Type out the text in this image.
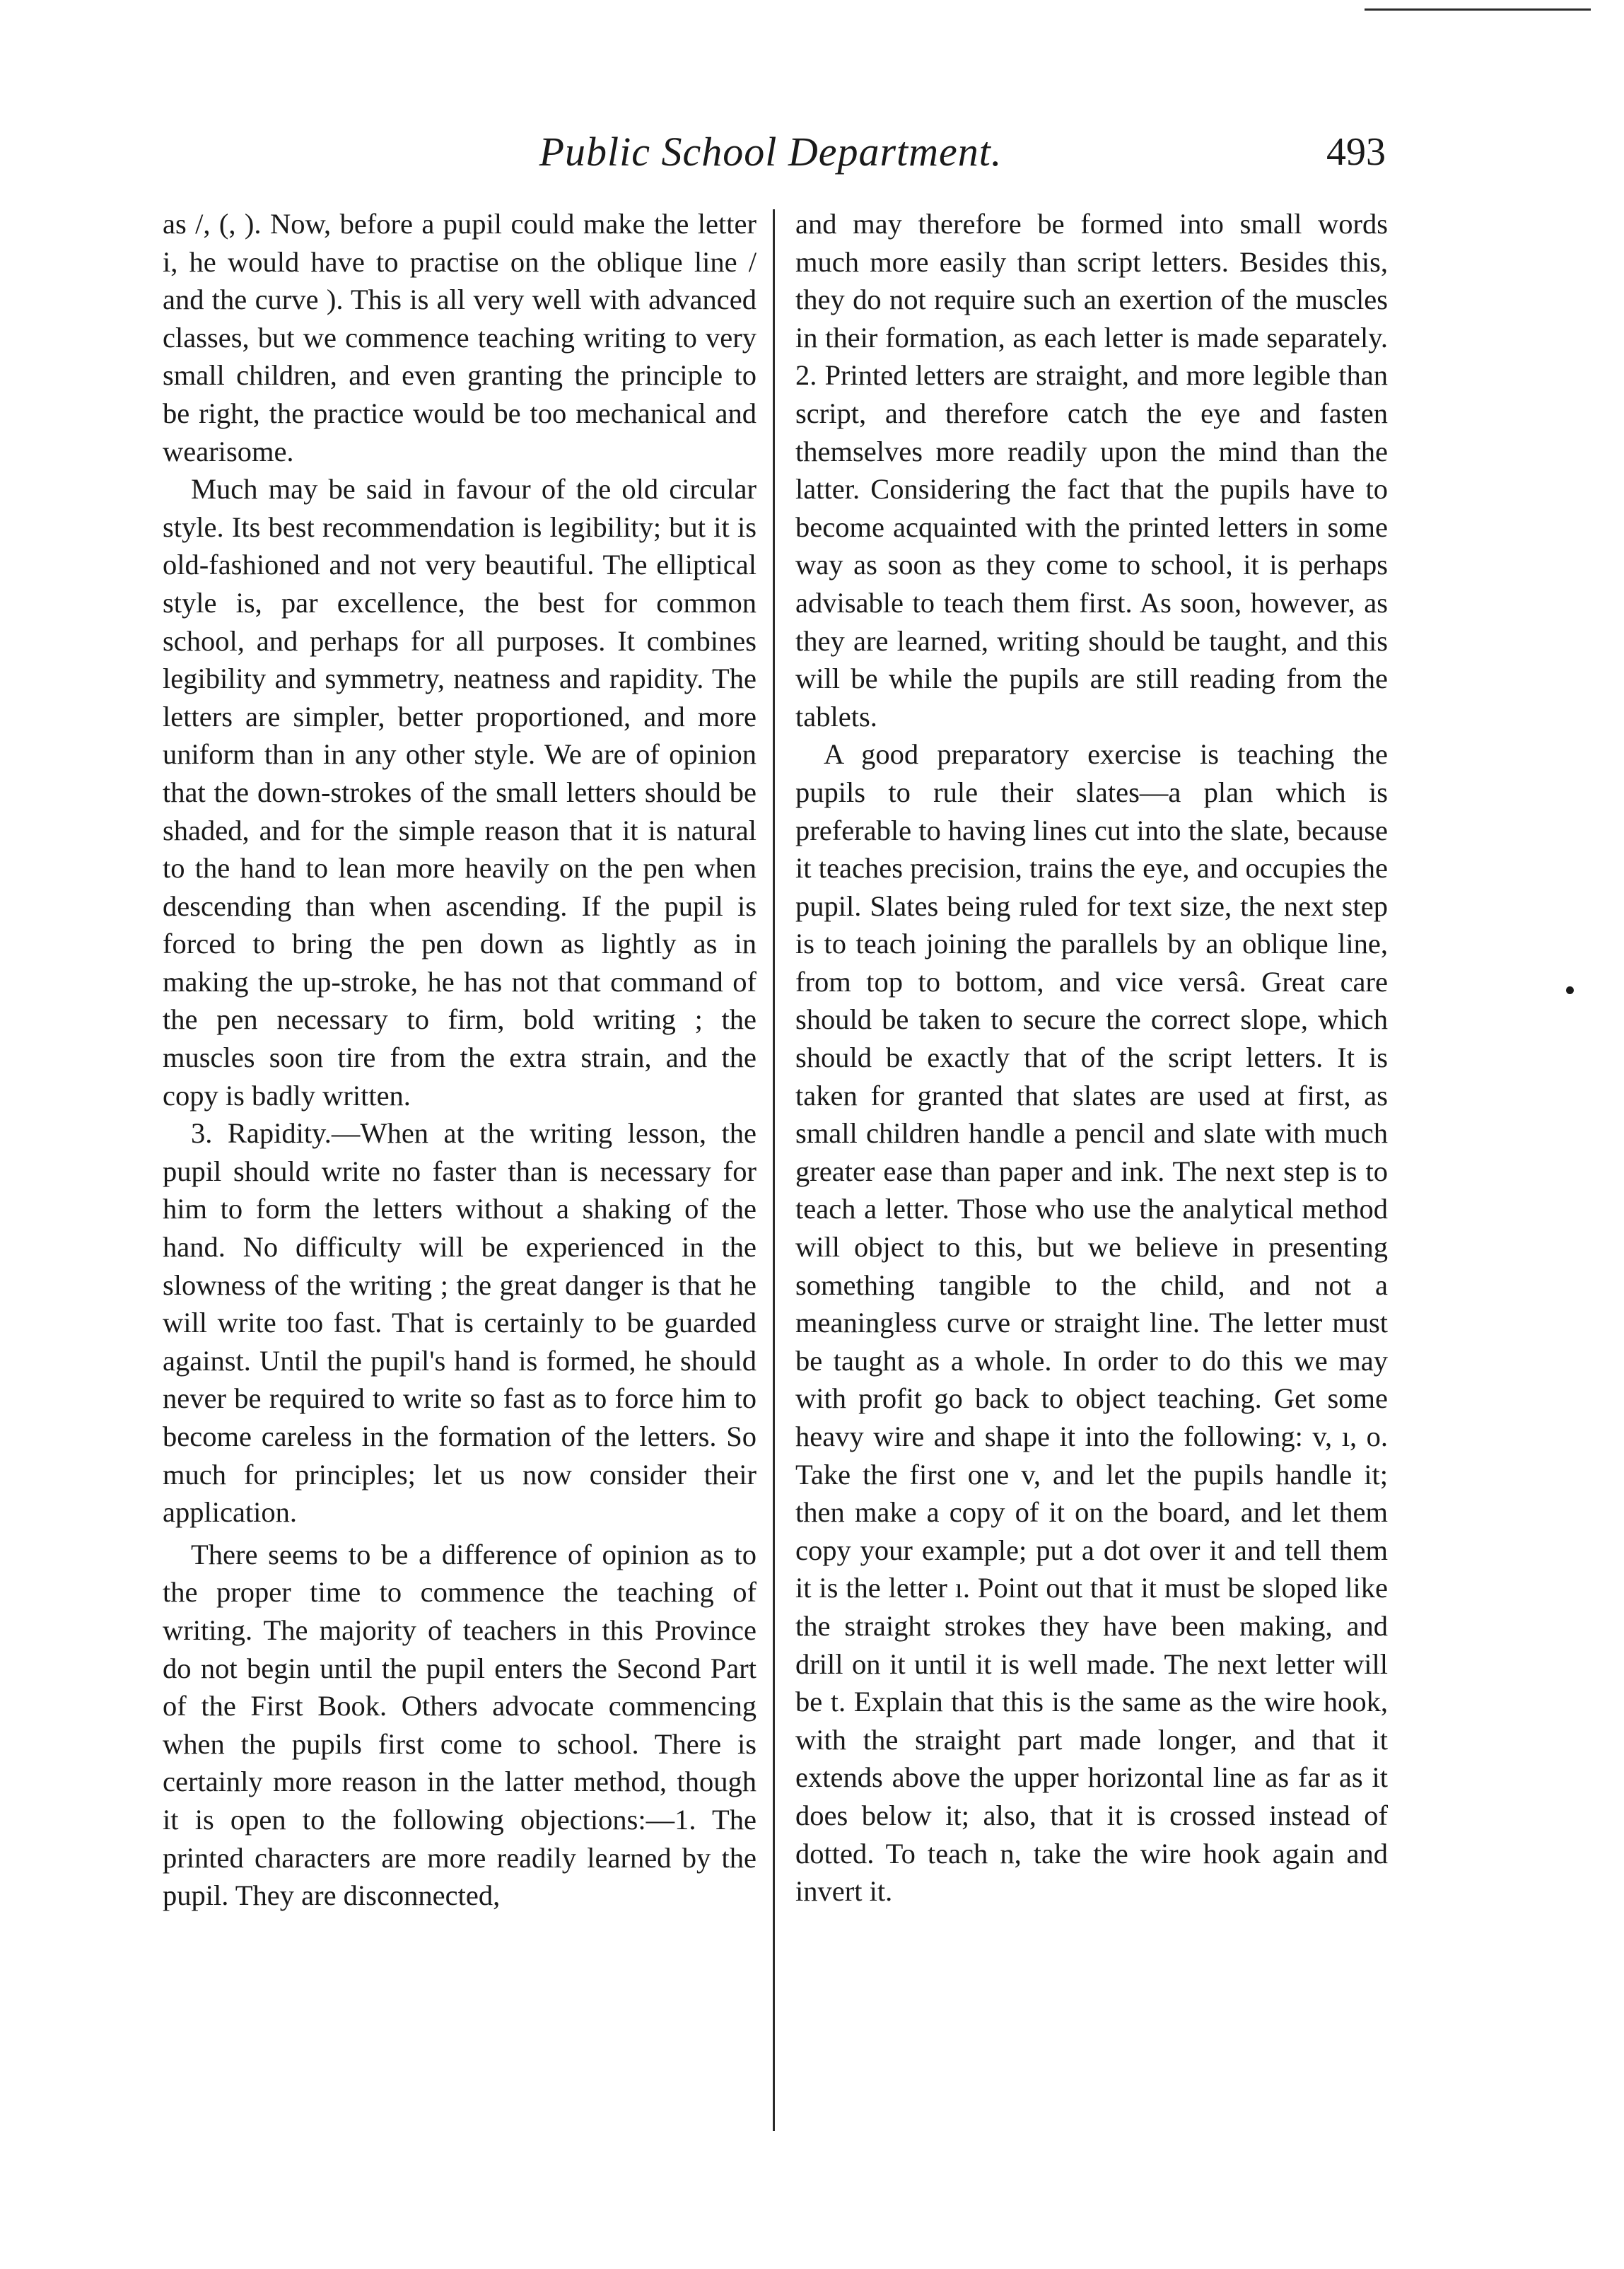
Public School Department.	493

as /, (, ). Now, before a pupil could make the letter i, he would have to practise on the oblique line / and the curve ). This is all very well with advanced classes, but we commence teaching writing to very small children, and even granting the principle to be right, the practice would be too mechanical and wearisome.

Much may be said in favour of the old circular style. Its best recommendation is legibility; but it is old-fashioned and not very beautiful. The elliptical style is, par excellence, the best for common school, and perhaps for all purposes. It combines legibility and symmetry, neatness and rapidity. The letters are simpler, better proportioned, and more uniform than in any other style. We are of opinion that the down-strokes of the small letters should be shaded, and for the simple reason that it is natural to the hand to lean more heavily on the pen when descending than when ascending. If the pupil is forced to bring the pen down as lightly as in making the up-stroke, he has not that command of the pen necessary to firm, bold writing ; the muscles soon tire from the extra strain, and the copy is badly written.

3. Rapidity.—When at the writing lesson, the pupil should write no faster than is necessary for him to form the letters without a shaking of the hand. No difficulty will be experienced in the slowness of the writing ; the great danger is that he will write too fast. That is certainly to be guarded against. Until the pupil's hand is formed, he should never be required to write so fast as to force him to become careless in the formation of the letters. So much for principles; let us now consider their application.

There seems to be a difference of opinion as to the proper time to commence the teaching of writing. The majority of teachers in this Province do not begin until the pupil enters the Second Part of the First Book. Others advocate commencing when the pupils first come to school. There is certainly more reason in the latter method, though it is open to the following objections:—1. The printed characters are more readily learned by the pupil. They are disconnected,

and may therefore be formed into small words much more easily than script letters. Besides this, they do not require such an exertion of the muscles in their formation, as each letter is made separately. 2. Printed letters are straight, and more legible than script, and therefore catch the eye and fasten themselves more readily upon the mind than the latter. Considering the fact that the pupils have to become acquainted with the printed letters in some way as soon as they come to school, it is perhaps advisable to teach them first. As soon, however, as they are learned, writing should be taught, and this will be while the pupils are still reading from the tablets.

A good preparatory exercise is teaching the pupils to rule their slates—a plan which is preferable to having lines cut into the slate, because it teaches precision, trains the eye, and occupies the pupil. Slates being ruled for text size, the next step is to teach joining the parallels by an oblique line, from top to bottom, and vice versâ. Great care should be taken to secure the correct slope, which should be exactly that of the script letters. It is taken for granted that slates are used at first, as small children handle a pencil and slate with much greater ease than paper and ink. The next step is to teach a letter. Those who use the analytical method will object to this, but we believe in presenting something tangible to the child, and not a meaningless curve or straight line. The letter must be taught as a whole. In order to do this we may with profit go back to object teaching. Get some heavy wire and shape it into the following: v, ı, o. Take the first one v, and let the pupils handle it; then make a copy of it on the board, and let them copy your example; put a dot over it and tell them it is the letter ı. Point out that it must be sloped like the straight strokes they have been making, and drill on it until it is well made. The next letter will be t. Explain that this is the same as the wire hook, with the straight part made longer, and that it extends above the upper horizontal line as far as it does below it; also, that it is crossed instead of dotted. To teach n, take the wire hook again and invert it.
